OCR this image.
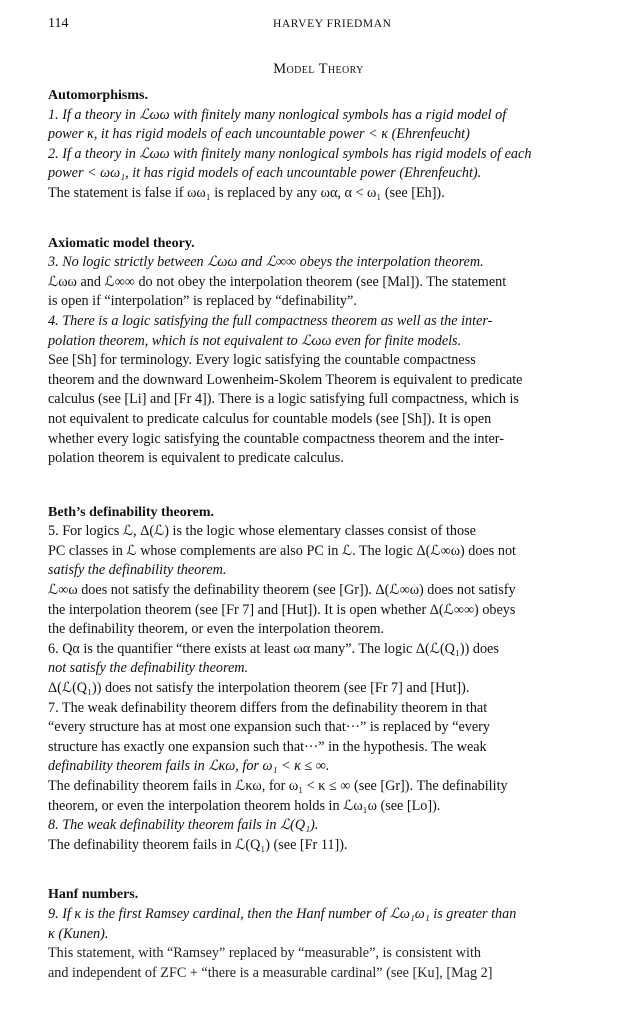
114	HARVEY FRIEDMAN
Model Theory

Automorphisms.

1. If a theory in ℒωω with finitely many nonlogical symbols has a rigid model of

power κ, it has rigid models of each uncountable power < κ (Ehrenfeucht)

2. If a theory in ℒωω with finitely many nonlogical symbols has rigid models of each

power < ωω₁, it has rigid models of each uncountable power (Ehrenfeucht).

The statement is false if ωω₁ is replaced by any ωα, α < ω₁ (see [Eh]).

Axiomatic model theory.

3. No logic strictly between ℒωω and ℒ∞∞ obeys the interpolation theorem.

ℒωω and ℒ∞∞ do not obey the interpolation theorem (see [Mal]). The statement

is open if “interpolation” is replaced by “definability”.

4. There is a logic satisfying the full compactness theorem as well as the inter-

polation theorem, which is not equivalent to ℒωω even for finite models.

See [Sh] for terminology. Every logic satisfying the countable compactness

theorem and the downward Lowenheim-Skolem Theorem is equivalent to predicate

calculus (see [Li] and [Fr 4]). There is a logic satisfying full compactness, which is

not equivalent to predicate calculus for countable models (see [Sh]). It is open

whether every logic satisfying the countable compactness theorem and the inter-

polation theorem is equivalent to predicate calculus.

Beth’s definability theorem.

5. For logics ℒ, Δ(ℒ) is the logic whose elementary classes consist of those

PC classes in ℒ whose complements are also PC in ℒ. The logic Δ(ℒ∞ω) does not

satisfy the definability theorem.

ℒ∞ω does not satisfy the definability theorem (see [Gr]). Δ(ℒ∞ω) does not satisfy

the interpolation theorem (see [Fr 7] and [Hut]). It is open whether Δ(ℒ∞∞) obeys

the definability theorem, or even the interpolation theorem.

6. Qα is the quantifier “there exists at least ωα many”. The logic Δ(ℒ(Q₁)) does

not satisfy the definability theorem.

Δ(ℒ(Q₁)) does not satisfy the interpolation theorem (see [Fr 7] and [Hut]).

7. The weak definability theorem differs from the definability theorem in that

“every structure has at most one expansion such that···” is replaced by “every

structure has exactly one expansion such that···” in the hypothesis. The weak

definability theorem fails in ℒκω, for ω₁ < κ ≤ ∞.

The definability theorem fails in ℒκω, for ω₁ < κ ≤ ∞ (see [Gr]). The definability

theorem, or even the interpolation theorem holds in ℒω₁ω (see [Lo]).

8. The weak definability theorem fails in ℒ(Q₁).

The definability theorem fails in ℒ(Q₁) (see [Fr 11]).

Hanf numbers.

9. If κ is the first Ramsey cardinal, then the Hanf number of ℒω₁ω₁ is greater than

κ (Kunen).

This statement, with “Ramsey” replaced by “measurable”, is consistent with

and independent of ZFC + “there is a measurable cardinal” (see [Ku], [Mag 2]
